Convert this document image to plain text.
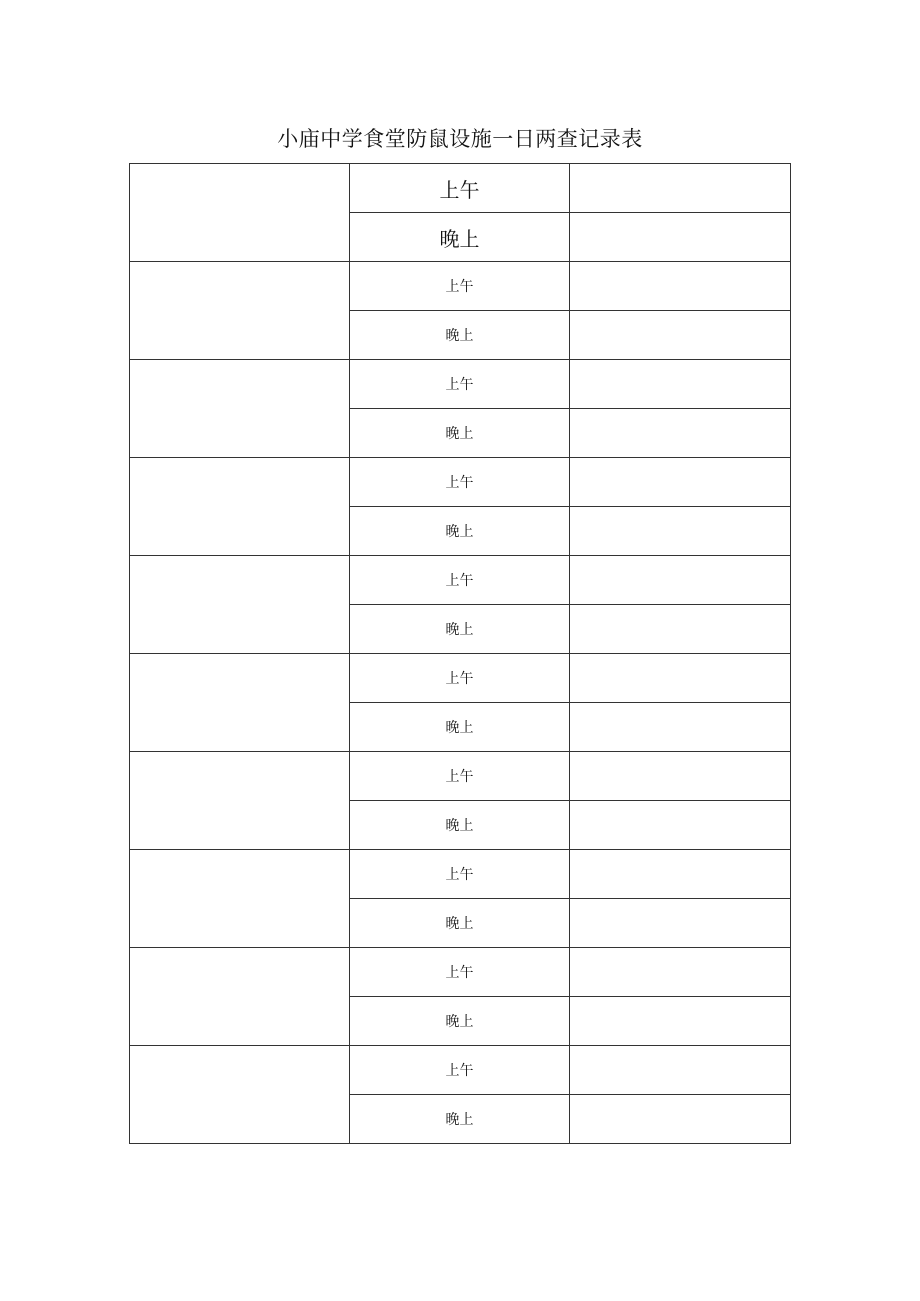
小庙中学食堂防鼠设施一日两查记录表
	上午	
	晚上	
	上午	
	晚上	
	上午	
	晚上	
	上午	
	晚上	
	上午	
	晚上	
	上午	
	晚上	
	上午	
	晚上	
	上午	
	晚上	
	上午	
	晚上	
	上午	
	晚上	
